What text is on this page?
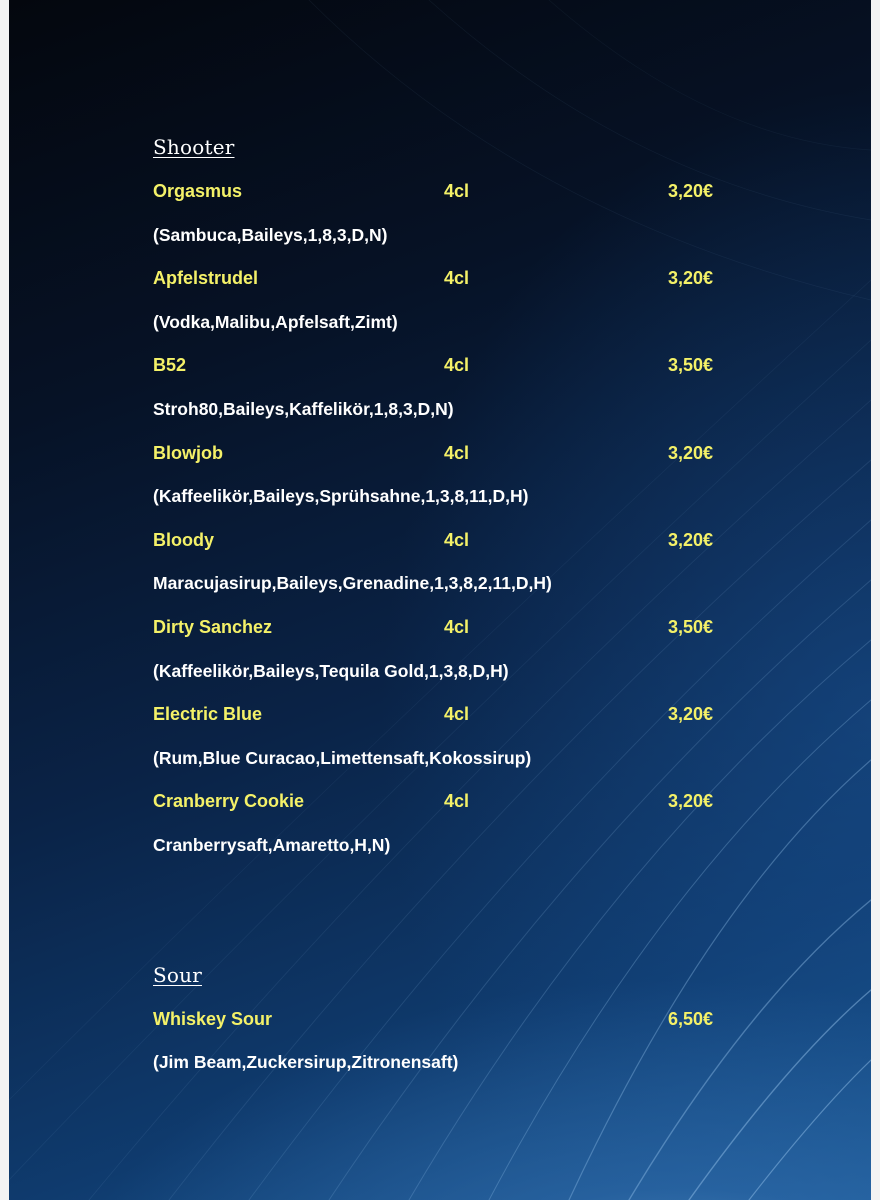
Shooter
Orgasmus	4cl	3,20€
(Sambuca,Baileys,1,8,3,D,N)
Apfelstrudel	4cl	3,20€
(Vodka,Malibu,Apfelsaft,Zimt)
B52	4cl	3,50€
Stroh80,Baileys,Kaffelikör,1,8,3,D,N)
Blowjob	4cl	3,20€
(Kaffeelikör,Baileys,Sprühsahne,1,3,8,11,D,H)
Bloody	4cl	3,20€
Maracujasirup,Baileys,Grenadine,1,3,8,2,11,D,H)
Dirty Sanchez	4cl	3,50€
(Kaffeelikör,Baileys,Tequila Gold,1,3,8,D,H)
Electric Blue	4cl	3,20€
(Rum,Blue Curacao,Limettensaft,Kokossirup)
Cranberry Cookie	4cl	3,20€
Cranberrysaft,Amaretto,H,N)
Sour
Whiskey Sour	6,50€
(Jim Beam,Zuckersirup,Zitronensaft)
